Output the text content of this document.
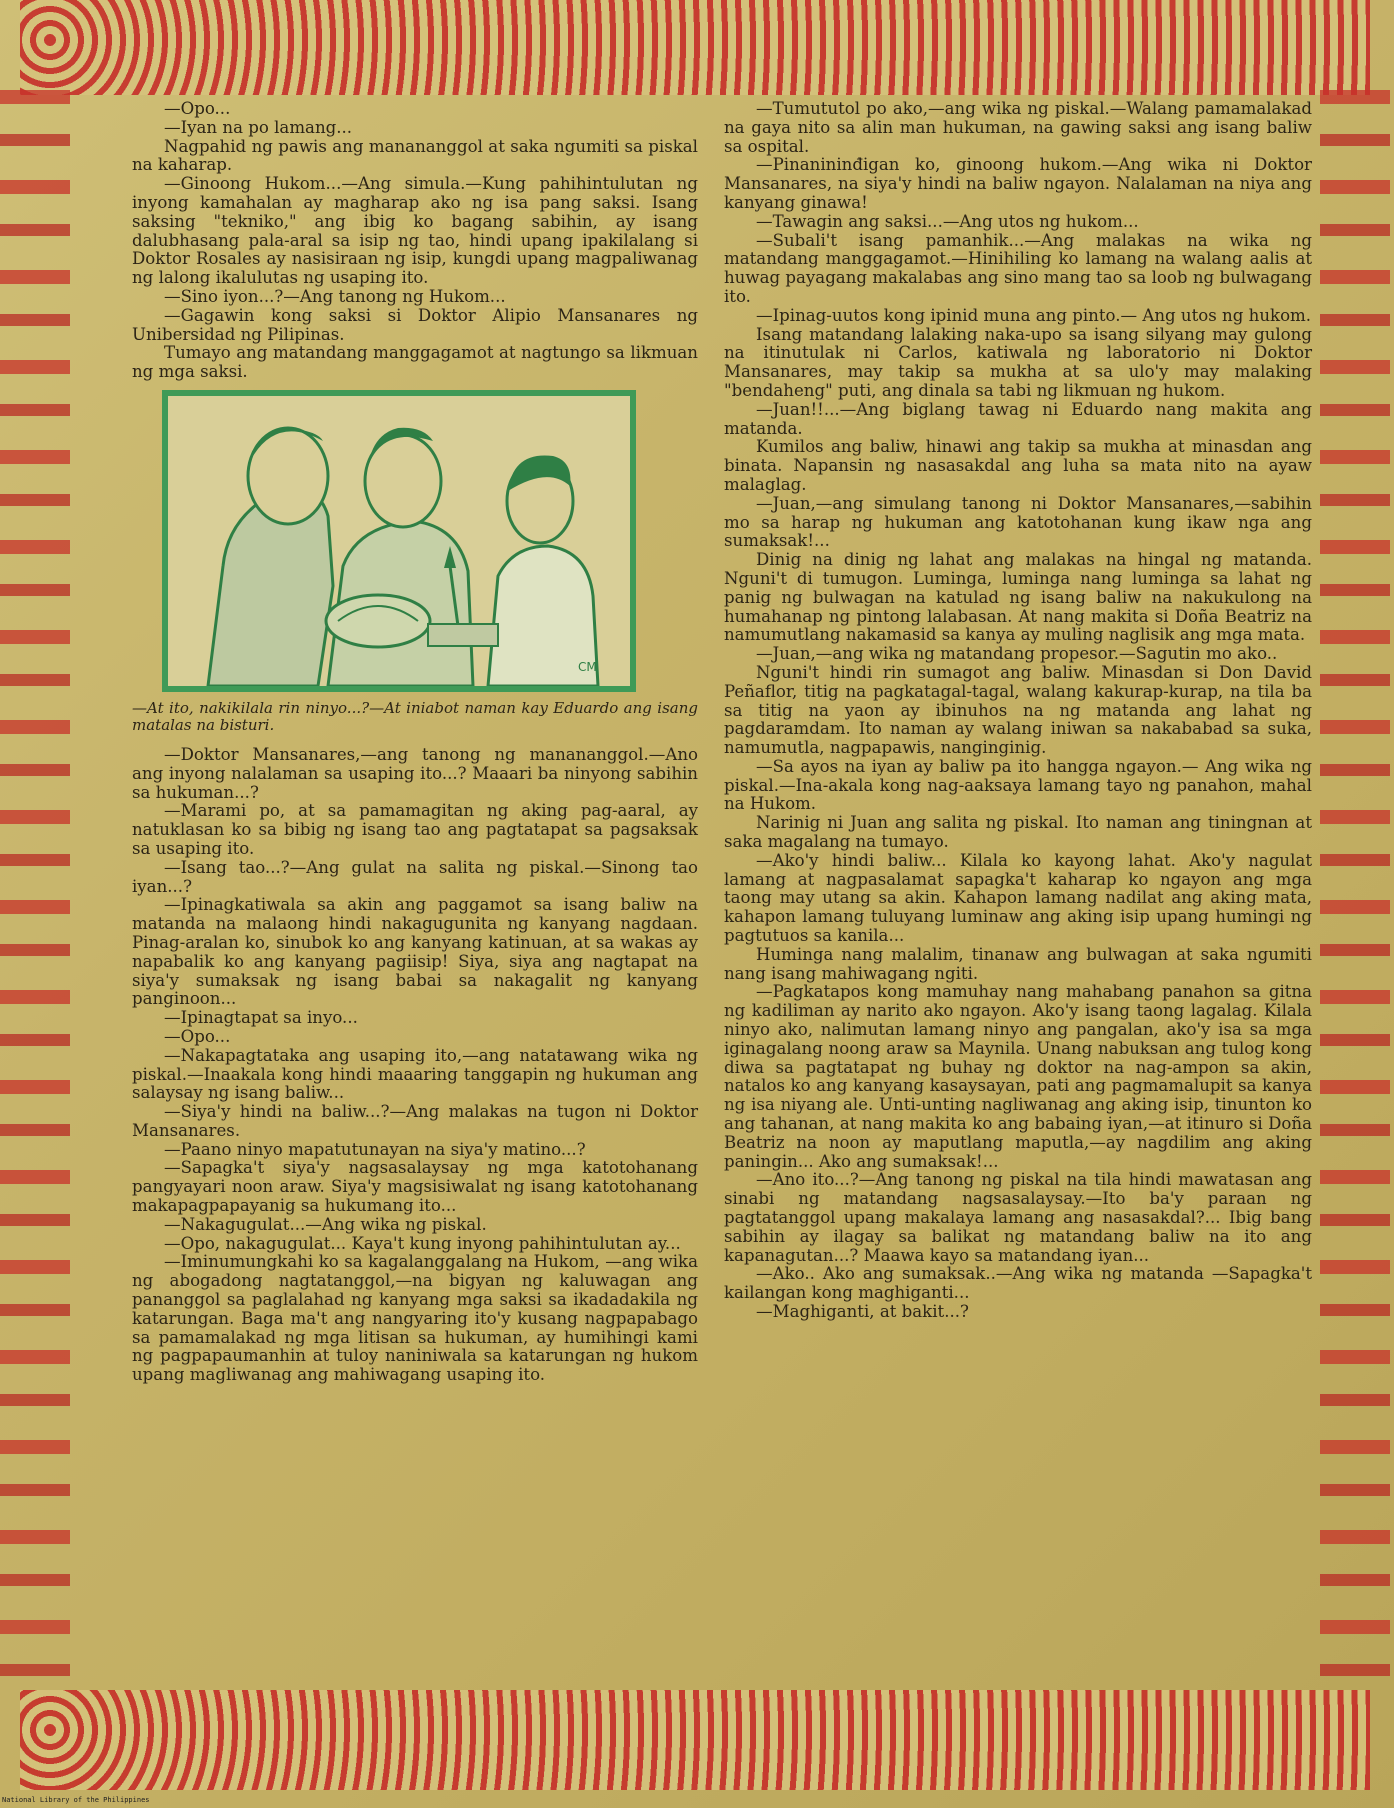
—Opo...

—Iyan na po lamang...

Nagpahid ng pawis ang manananggol at saka ngumiti sa piskal na kaharap.

—Ginoong Hukom...—Ang simula.—Kung pahihintulutan ng inyong kamahalan ay magharap ako ng isa pang saksi. Isang saksing "tekniko," ang ibig ko bagang sabihin, ay isang dalubhasang pala-aral sa isip ng tao, hindi upang ipakilalang si Doktor Rosales ay nasisiraan ng isip, kungdi upang magpaliwanag ng lalong ikalulutas ng usaping ito.

—Sino iyon...?—Ang tanong ng Hukom...

—Gagawin kong saksi si Doktor Alipio Mansanares ng Unibersidad ng Pilipinas.

Tumayo ang matandang manggagamot at nagtungo sa likmuan ng mga saksi.

CM

—At ito, nakikilala rin ninyo...?—At iniabot naman kay Eduardo ang isang matalas na bisturi.

—Doktor Mansanares,—ang tanong ng manananggol.—Ano ang inyong nalalaman sa usaping ito...? Maaari ba ninyong sabihin sa hukuman...?

—Marami po, at sa pamamagitan ng aking pag-aaral, ay natuklasan ko sa bibig ng isang tao ang pagtatapat sa pagsaksak sa usaping ito.

—Isang tao...?—Ang gulat na salita ng piskal.—Sinong tao iyan...?

—Ipinagkatiwala sa akin ang paggamot sa isang baliw na matanda na malaong hindi nakagugunita ng kanyang nagdaan. Pinag-aralan ko, sinubok ko ang kanyang katinuan, at sa wakas ay napabalik ko ang kanyang pagiisip! Siya, siya ang nagtapat na siya'y sumaksak ng isang babai sa nakagalit ng kanyang panginoon...

—Ipinagtapat sa inyo...

—Opo...

—Nakapagtataka ang usaping ito,—ang natatawang wika ng piskal.—Inaakala kong hindi maaaring tanggapin ng hukuman ang salaysay ng isang baliw...

—Siya'y hindi na baliw...?—Ang malakas na tugon ni Doktor Mansanares.

—Paano ninyo mapatutunayan na siya'y matino...?

—Sapagka't siya'y nagsasalaysay ng mga katotohanang pangyayari noon araw. Siya'y magsisiwalat ng isang katotohanang makapagpapayanig sa hukumang ito...

—Nakagugulat...—Ang wika ng piskal.

—Opo, nakagugulat... Kaya't kung inyong pahihintulutan ay...

—Iminumungkahi ko sa kagalanggalang na Hukom, —ang wika ng abogadong nagtatanggol,—na bigyan ng kaluwagan ang pananggol sa paglalahad ng kanyang mga saksi sa ikadadakila ng katarungan. Baga ma't ang nangyaring ito'y kusang nagpapabago sa pamamalakad ng mga litisan sa hukuman, ay humihingi kami ng pagpapaumanhin at tuloy naniniwala sa katarungan ng hukom upang magliwanag ang mahiwagang usaping ito.

—Tumututol po ako,—ang wika ng piskal.—Walang pamamalakad na gaya nito sa alin man hukuman, na gawing saksi ang isang baliw sa ospital.

—Pinanininđigan ko, ginoong hukom.—Ang wika ni Doktor Mansanares, na siya'y hindi na baliw ngayon. Nalalaman na niya ang kanyang ginawa!

—Tawagin ang saksi...—Ang utos ng hukom...

—Subali't isang pamanhik...—Ang malakas na wika ng matandang manggagamot.—Hinihiling ko lamang na walang aalis at huwag payagang makalabas ang sino mang tao sa loob ng bulwagang ito.

—Ipinag-uutos kong ipinid muna ang pinto.— Ang utos ng hukom.

Isang matandang lalaking naka-upo sa isang silyang may gulong na itinutulak ni Carlos, katiwala ng laboratorio ni Doktor Mansanares, may takip sa mukha at sa ulo'y may malaking "bendaheng" puti, ang dinala sa tabi ng likmuan ng hukom.

—Juan!!...—Ang biglang tawag ni Eduardo nang makita ang matanda.

Kumilos ang baliw, hinawi ang takip sa mukha at minasdan ang binata. Napansin ng nasasakdal ang luha sa mata nito na ayaw malaglag.

—Juan,—ang simulang tanong ni Doktor Mansanares,—sabihin mo sa harap ng hukuman ang katotohanan kung ikaw nga ang sumaksak!...

Dinig na dinig ng lahat ang malakas na hingal ng matanda. Nguni't di tumugon. Luminga, luminga nang luminga sa lahat ng panig ng bulwagan na katulad ng isang baliw na nakukulong na humahanap ng pintong lalabasan. At nang makita si Doña Beatriz na namumutlang nakamasid sa kanya ay muling naglisik ang mga mata.

—Juan,—ang wika ng matandang propesor.—Sagutin mo ako..

Nguni't hindi rin sumagot ang baliw. Minasdan si Don David Peñaflor, titig na pagkatagal-tagal, walang kakurap-kurap, na tila ba sa titig na yaon ay ibinuhos na ng matanda ang lahat ng pagdaramdam. Ito naman ay walang iniwan sa nakababad sa suka, namumutla, nagpapawis, nanginginig.

—Sa ayos na iyan ay baliw pa ito hangga ngayon.— Ang wika ng piskal.—Ina-akala kong nag-aaksaya lamang tayo ng panahon, mahal na Hukom.

Narinig ni Juan ang salita ng piskal. Ito naman ang tiningnan at saka magalang na tumayo.

—Ako'y hindi baliw... Kilala ko kayong lahat. Ako'y nagulat lamang at nagpasalamat sapagka't kaharap ko ngayon ang mga taong may utang sa akin. Kahapon lamang nadilat ang aking mata, kahapon lamang tuluyang luminaw ang aking isip upang humingi ng pagtutuos sa kanila...

Huminga nang malalim, tinanaw ang bulwagan at saka ngumiti nang isang mahiwagang ngiti.

—Pagkatapos kong mamuhay nang mahabang panahon sa gitna ng kadiliman ay narito ako ngayon. Ako'y isang taong lagalag. Kilala ninyo ako, nalimutan lamang ninyo ang pangalan, ako'y isa sa mga iginagalang noong araw sa Maynila. Unang nabuksan ang tulog kong diwa sa pagtatapat ng buhay ng doktor na nag-ampon sa akin, natalos ko ang kanyang kasaysayan, pati ang pagmamalupit sa kanya ng isa niyang ale. Unti-unting nagliwanag ang aking isip, tinunton ko ang tahanan, at nang makita ko ang babaing iyan,—at itinuro si Doña Beatriz na noon ay maputlang maputla,—ay nagdilim ang aking paningin... Ako ang sumaksak!...

—Ano ito...?—Ang tanong ng piskal na tila hindi mawatasan ang sinabi ng matandang nagsasalaysay.—Ito ba'y paraan ng pagtatanggol upang makalaya lamang ang nasasakdal?... Ibig bang sabihin ay ilagay sa balikat ng matandang baliw na ito ang kapanagutan...? Maawa kayo sa matandang iyan...

—Ako.. Ako ang sumaksak..—Ang wika ng matanda —Sapagka't kailangan kong maghiganti...

—Maghiganti, at bakit...?

National Library of the Philippines
